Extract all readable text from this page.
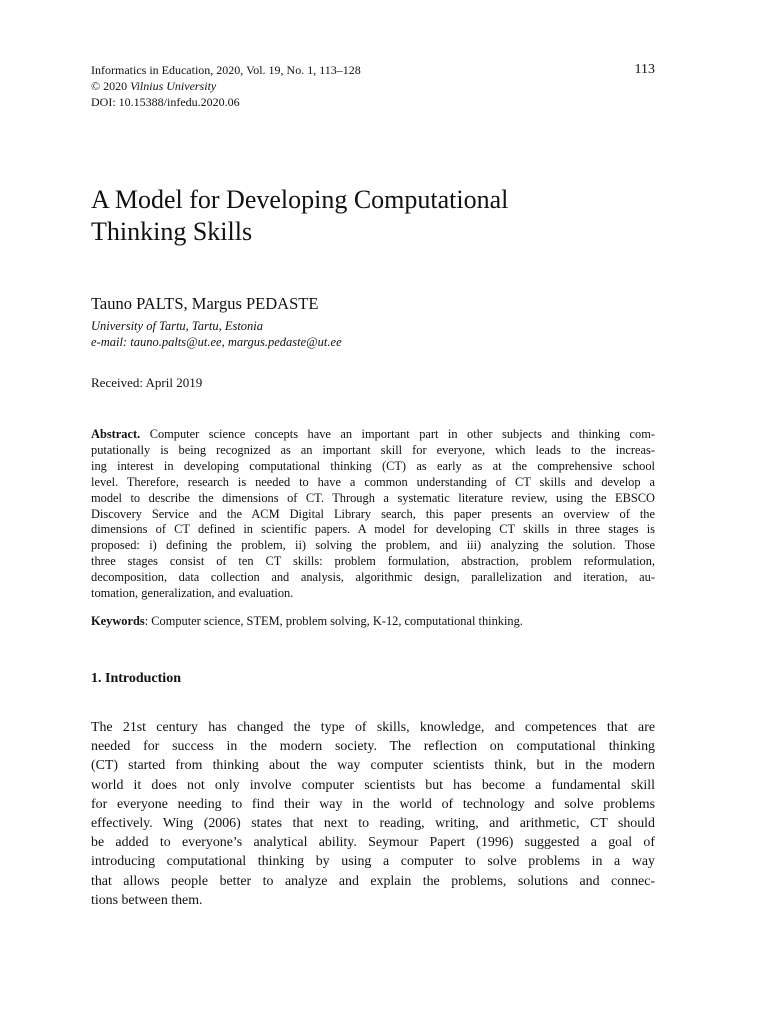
Informatics in Education, 2020, Vol. 19, No. 1, 113–128
© 2020 Vilnius University
DOI: 10.15388/infedu.2020.06
113
A Model for Developing Computational
Thinking Skills
Tauno PALTS, Margus PEDASTE
University of Tartu, Tartu, Estonia
e-mail: tauno.palts@ut.ee, margus.pedaste@ut.ee
Received: April 2019
Abstract. Computer science concepts have an important part in other subjects and thinking com-
putationally is being recognized as an important skill for everyone, which leads to the increas-
ing interest in developing computational thinking (CT) as early as at the comprehensive school
level. Therefore, research is needed to have a common understanding of CT skills and develop a
model to describe the dimensions of CT. Through a systematic literature review, using the EBSCO
Discovery Service and the ACM Digital Library search, this paper presents an overview of the
dimensions of CT defined in scientific papers. A model for developing CT skills in three stages is
proposed: i) defining the problem, ii) solving the problem, and iii) analyzing the solution. Those
three stages consist of ten CT skills: problem formulation, abstraction, problem reformulation,
decomposition, data collection and analysis, algorithmic design, parallelization and iteration, au-
tomation, generalization, and evaluation.
Keywords: Computer science, STEM, problem solving, K-12, computational thinking.
1. Introduction
The 21st century has changed the type of skills, knowledge, and competences that are
needed for success in the modern society. The reflection on computational thinking
(CT) started from thinking about the way computer scientists think, but in the modern
world it does not only involve computer scientists but has become a fundamental skill
for everyone needing to find their way in the world of technology and solve problems
effectively. Wing (2006) states that next to reading, writing, and arithmetic, CT should
be added to everyone’s analytical ability. Seymour Papert (1996) suggested a goal of
introducing computational thinking by using a computer to solve problems in a way
that allows people better to analyze and explain the problems, solutions and connec-
tions between them.
